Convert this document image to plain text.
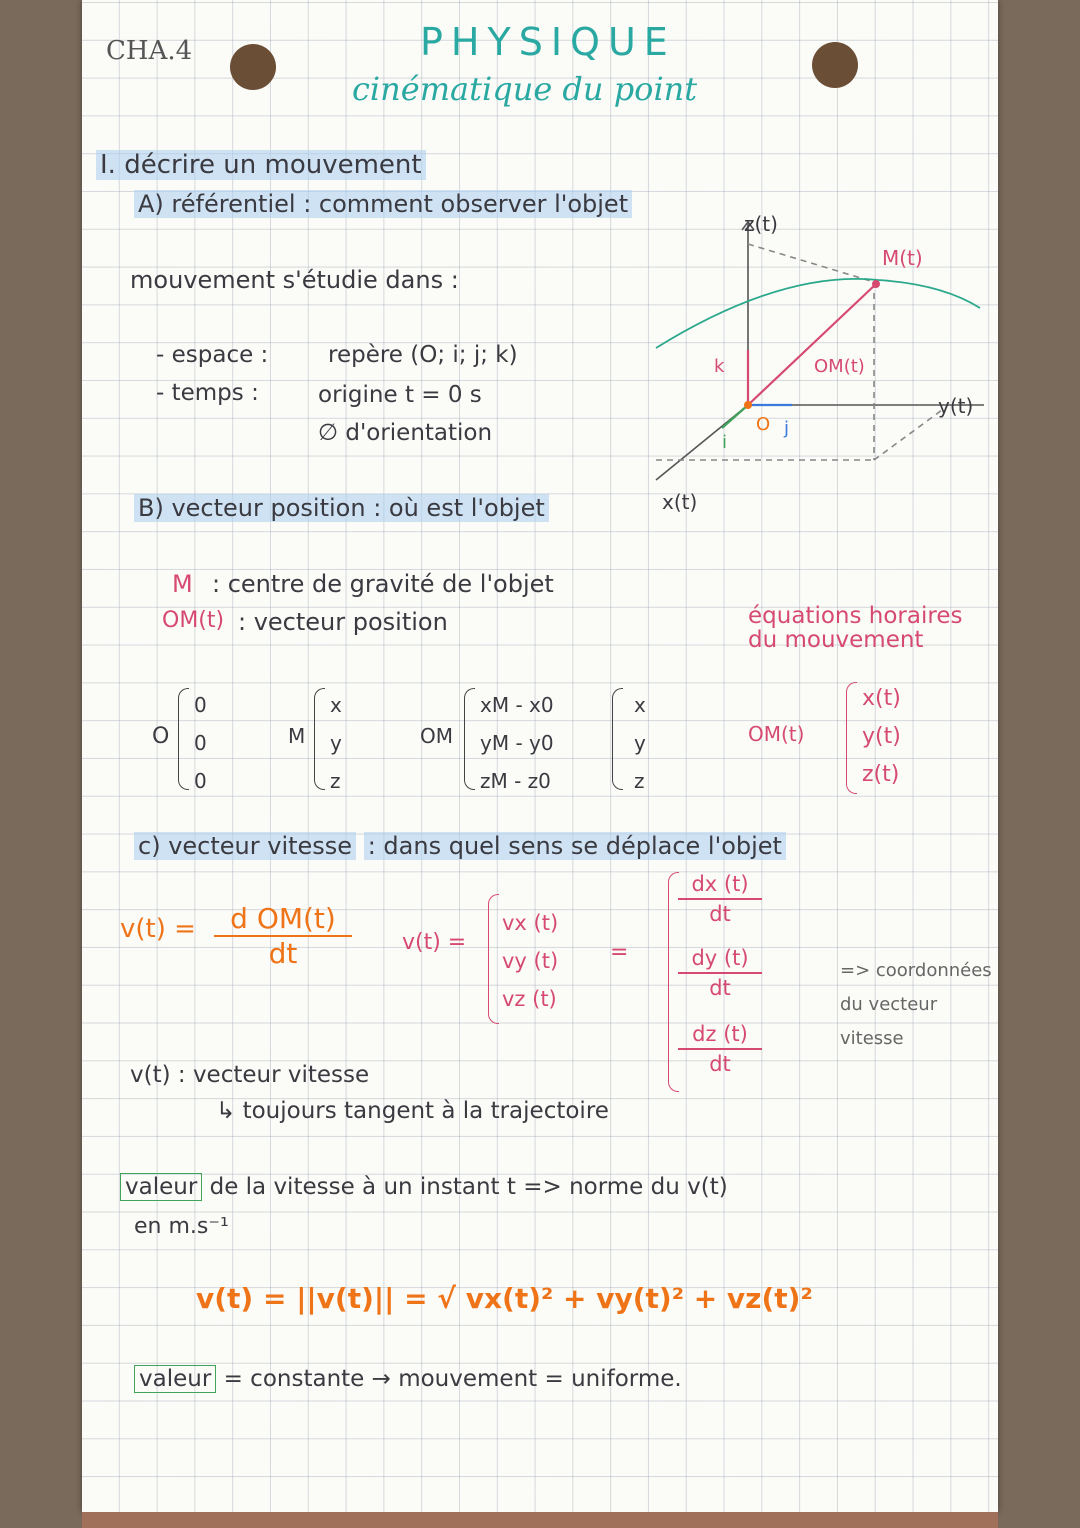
CHA.4	PHYSIQUE
cinématique du point
I. décrire un mouvement
A) référentiel : comment observer l'objet
mouvement s'étudie dans :
- espace :	repère (O; i; j; k)
- temps :	origine t = 0 s
∅ d'orientation
z(t)
M(t)
OM(t)
y(t)
x(t)
O
k
j
i
B) vecteur position : où est l'objet
M : centre de gravité de l'objet
OM(t) : vecteur position
O
0
0
0
M
x
y
z
OM
xM - x0
yM - y0
zM - z0
x
y
z
équations horaires
du mouvement
OM(t)
x(t)
y(t)
z(t)
c) vecteur vitesse : dans quel sens se déplace l'objet
$v(t) = \frac{\text{d OM(t)}}{dt} v(t)$ =
vx (t)
vy (t)
vz (t)
=
$\frac{dx (t)}{dt}$
$\frac{dy (t)}{dt}$
$\frac{dz (t)}{dt}$
=> coordonnées
du vecteur
vitesse
v(t) : vecteur vitesse
↳ toujours tangent à la trajectoire
valeur de la vitesse à un instant t => norme du v(t)
en m.s⁻¹
v(t) = ||v(t)|| = √ vx(t)² + vy(t)² + vz(t)²
valeur = constante → mouvement = uniforme.
